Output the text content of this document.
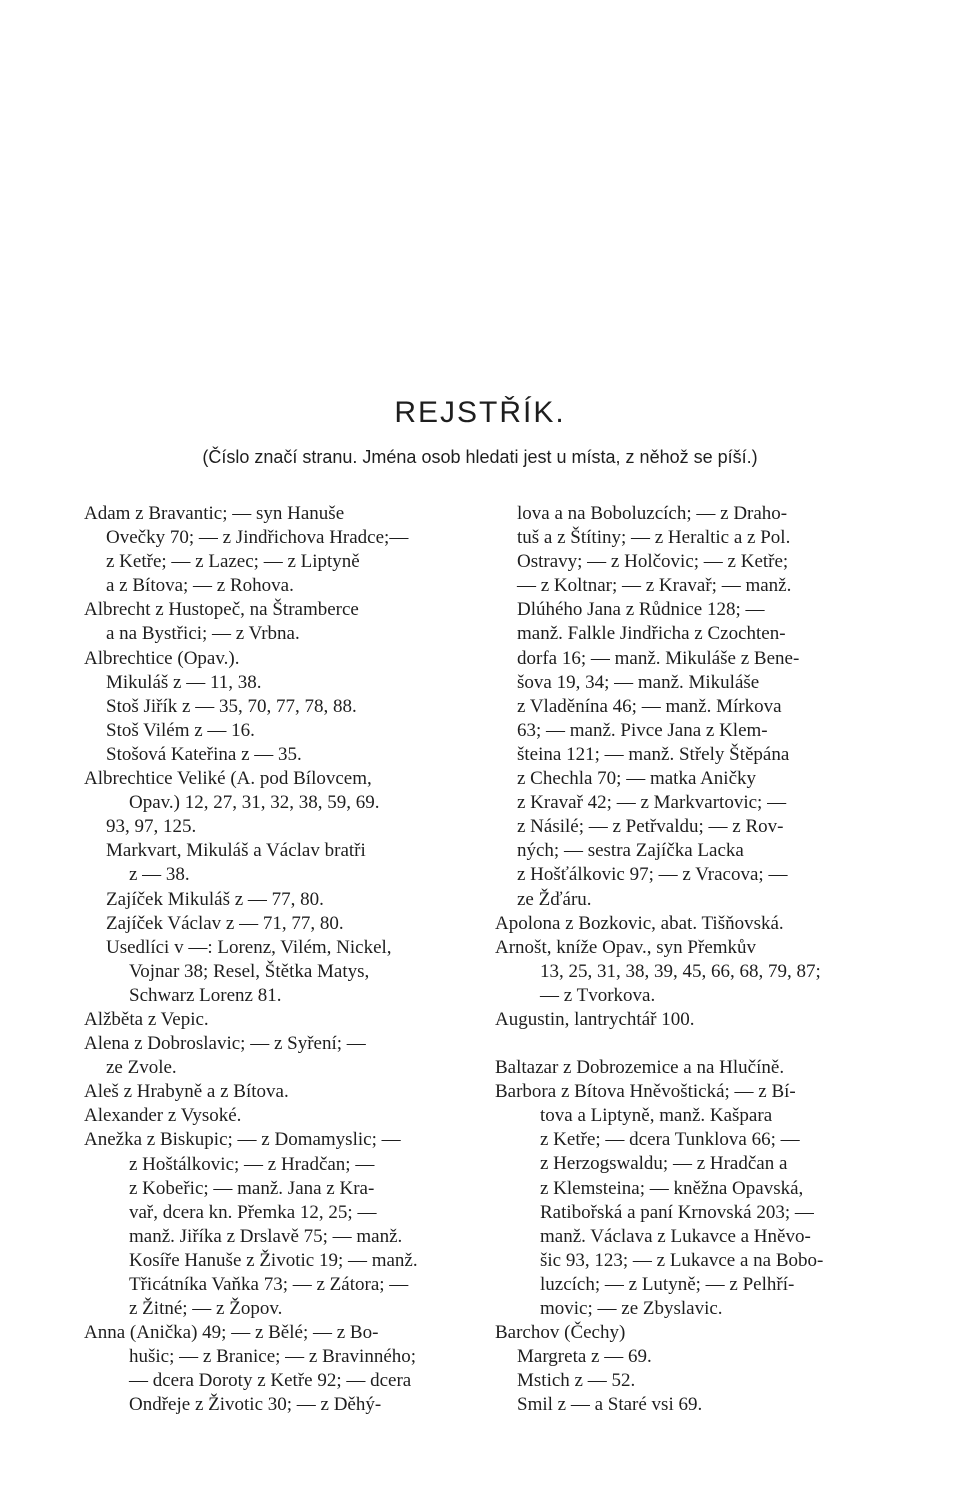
REJSTŘÍK.

(Číslo značí stranu. Jména osob hledati jest u místa, z něhož se píší.)

Adam z Bravantic; — syn Hanuše
Ovečky 70; — z Jindřichova Hradce;—
z Ketře; — z Lazec; — z Liptyně
a z Bítova; — z Rohova.
Albrecht z Hustopeč, na Štramberce
a na Bystřici; — z Vrbna.
Albrechtice (Opav.).
Mikuláš z — 11, 38.
Stoš Jiřík z — 35, 70, 77, 78, 88.
Stoš Vilém z — 16.
Stošová Kateřina z — 35.
Albrechtice Veliké (A. pod Bílovcem,
Opav.) 12, 27, 31, 32, 38, 59, 69.
93, 97, 125.
Markvart, Mikuláš a Václav bratři
z — 38.
Zajíček Mikuláš z — 77, 80.
Zajíček Václav z — 71, 77, 80.
Usedlíci v —: Lorenz, Vilém, Nickel,
Vojnar 38; Resel, Štětka Matys,
Schwarz Lorenz 81.
Alžběta z Vepic.
Alena z Dobroslavic; — z Syření; —
ze Zvole.
Aleš z Hrabyně a z Bítova.
Alexander z Vysoké.
Anežka z Biskupic; — z Domamyslic; —
z Hoštálkovic; — z Hradčan; —
z Kobeřic; — manž. Jana z Kra-
vař, dcera kn. Přemka 12, 25; —
manž. Jiříka z Drslavě 75; — manž.
Kosíře Hanuše z Životic 19; — manž.
Třicátníka Vaňka 73; — z Zátora; —
z Žitné; — z Žopov.
Anna (Anička) 49; — z Bělé; — z Bo-
hušic; — z Branice; — z Bravinného;
— dcera Doroty z Ketře 92; — dcera
Ondřeje z Životic 30; — z Děhý-
lova a na Boboluzcích; — z Draho-
tuš a z Štítiny; — z Heraltic a z Pol.
Ostravy; — z Holčovic; — z Ketře;
— z Koltnar; — z Kravař; — manž.
Dlúhého Jana z Růdnice 128; —
manž. Falkle Jindřicha z Czochten-
dorfa 16; — manž. Mikuláše z Bene-
šova 19, 34; — manž. Mikuláše
z Vladěnína 46; — manž. Mírkova
63; — manž. Pivce Jana z Klem-
šteina 121; — manž. Střely Štěpána
z Chechla 70; — matka Aničky
z Kravař 42; — z Markvartovic; —
z Násilé; — z Petřvaldu; — z Rov-
ných; — sestra Zajíčka Lacka
z Hošťálkovic 97; — z Vracova; —
ze Žďáru.
Apolona z Bozkovic, abat. Tišňovská.
Arnošt, kníže Opav., syn Přemkův
13, 25, 31, 38, 39, 45, 66, 68, 79, 87;
— z Tvorkova.
Augustin, lantrychtář 100.
Baltazar z Dobrozemice a na Hlučíně.
Barbora z Bítova Hněvoštická; — z Bí-
tova a Liptyně, manž. Kašpara
z Ketře; — dcera Tunklova 66; —
z Herzogswaldu; — z Hradčan a
z Klemsteina; — kněžna Opavská,
Ratibořská a paní Krnovská 203; —
manž. Václava z Lukavce a Hněvo-
šic 93, 123; — z Lukavce a na Bobo-
luzcích; — z Lutyně; — z Pelhří-
movic; — ze Zbyslavic.
Barchov (Čechy)
Margreta z — 69.
Mstich z — 52.
Smil z — a Staré vsi 69.
